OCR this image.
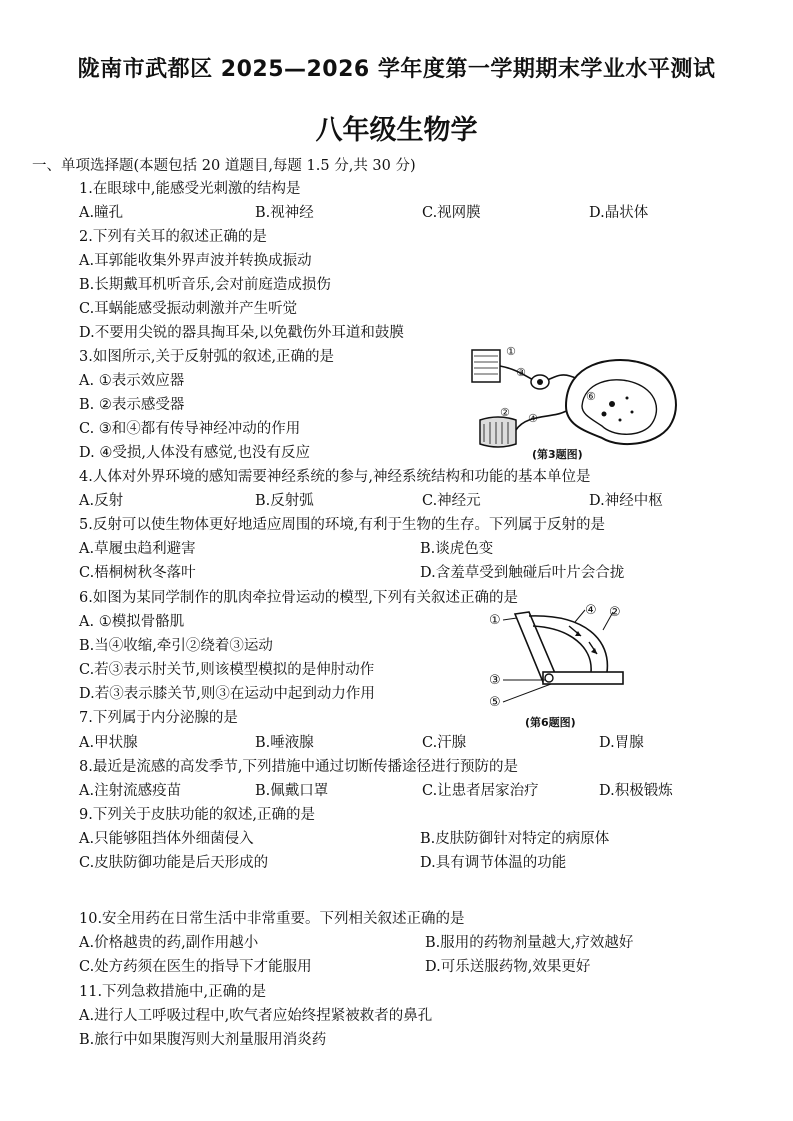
陇南市武都区 2025—2026 学年度第一学期期末学业水平测试
八年级生物学
一、单项选择题(本题包括 20 道题目,每题 1.5 分,共 30 分)
1.在眼球中,能感受光刺激的结构是
A.瞳孔	B.视神经	C.视网膜	D.晶状体
2.下列有关耳的叙述正确的是
A.耳郭能收集外界声波并转换成振动
B.长期戴耳机听音乐,会对前庭造成损伤
C.耳蜗能感受振动刺激并产生听觉
D.不要用尖锐的器具掏耳朵,以免戳伤外耳道和鼓膜
3.如图所示,关于反射弧的叙述,正确的是
A. ①表示效应器
B. ②表示感受器
C. ③和④都有传导神经冲动的作用
D. ④受损,人体没有感觉,也没有反应
①
②
③
④
⑥
(第3题图)
4.人体对外界环境的感知需要神经系统的参与,神经系统结构和功能的基本单位是
A.反射	B.反射弧	C.神经元	D.神经中枢
5.反射可以使生物体更好地适应周围的环境,有利于生物的生存。下列属于反射的是
A.草履虫趋利避害	B.谈虎色变
C.梧桐树秋冬落叶	D.含羞草受到触碰后叶片会合拢
6.如图为某同学制作的肌肉牵拉骨运动的模型,下列有关叙述正确的是
A. ①模拟骨骼肌
B.当④收缩,牵引②绕着③运动
C.若③表示肘关节,则该模型模拟的是伸肘动作
D.若③表示膝关节,则③在运动中起到动力作用
①
②
④
③
⑤
(第6题图)
7.下列属于内分泌腺的是
A.甲状腺	B.唾液腺	C.汗腺	D.胃腺
8.最近是流感的高发季节,下列措施中通过切断传播途径进行预防的是
A.注射流感疫苗	B.佩戴口罩	C.让患者居家治疗	D.积极锻炼
9.下列关于皮肤功能的叙述,正确的是
A.只能够阻挡体外细菌侵入	B.皮肤防御针对特定的病原体
C.皮肤防御功能是后天形成的	D.具有调节体温的功能
10.安全用药在日常生活中非常重要。下列相关叙述正确的是
A.价格越贵的药,副作用越小	B.服用的药物剂量越大,疗效越好
C.处方药须在医生的指导下才能服用	D.可乐送服药物,效果更好
11.下列急救措施中,正确的是
A.进行人工呼吸过程中,吹气者应始终捏紧被救者的鼻孔
B.旅行中如果腹泻则大剂量服用消炎药
